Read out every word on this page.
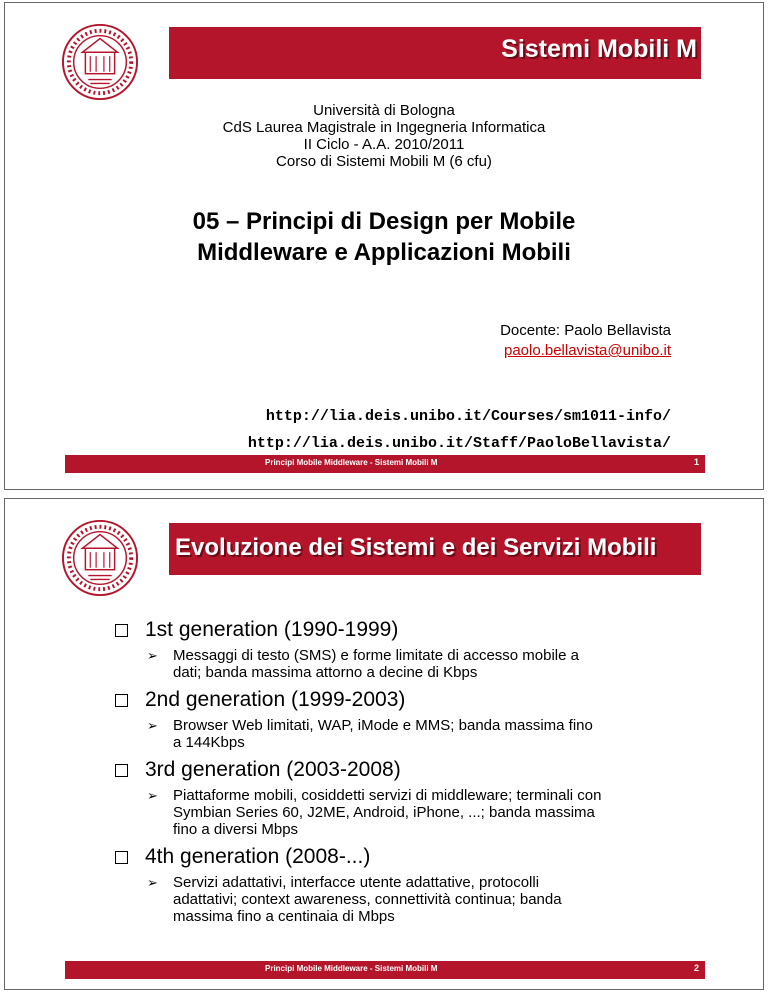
Sistemi Mobili M
Università di Bologna
CdS Laurea Magistrale in Ingegneria Informatica
II Ciclo - A.A. 2010/2011
Corso di Sistemi Mobili M (6 cfu)
05 – Principi di Design per Mobile
Middleware e Applicazioni Mobili
Docente: Paolo Bellavista
paolo.bellavista@unibo.it
http://lia.deis.unibo.it/Courses/sm1011-info/
http://lia.deis.unibo.it/Staff/PaoloBellavista/
Principi Mobile Middleware - Sistemi Mobili M	1
Evoluzione dei Sistemi e dei Servizi Mobili
1st generation (1990-1999)
➢ Messaggi di testo (SMS) e forme limitate di accesso mobile a
dati; banda massima attorno a decine di Kbps
2nd generation (1999-2003)
➢ Browser Web limitati, WAP, iMode e MMS; banda massima fino
a 144Kbps
3rd generation (2003-2008)
➢ Piattaforme mobili, cosiddetti servizi di middleware; terminali con
Symbian Series 60, J2ME, Android, iPhone, ...; banda massima
fino a diversi Mbps
4th generation (2008-...)
➢ Servizi adattativi, interfacce utente adattative, protocolli
adattativi; context awareness, connettività continua; banda
massima fino a centinaia di Mbps
Principi Mobile Middleware - Sistemi Mobili M	2
